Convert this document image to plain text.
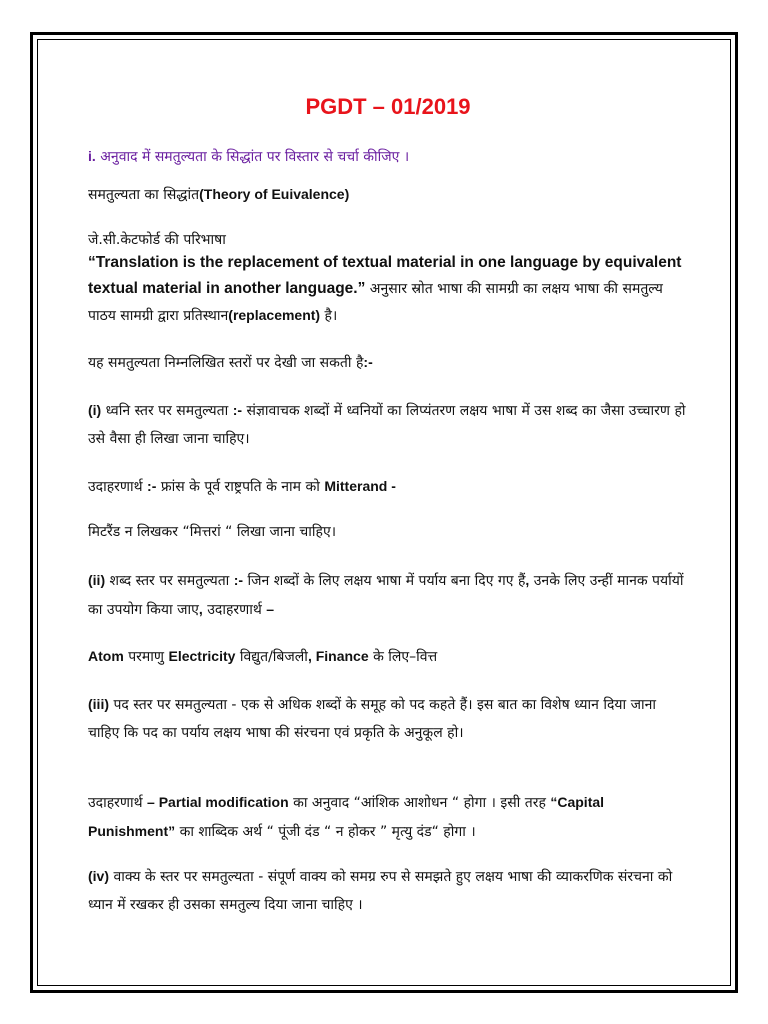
PGDT – 01/2019

i. अनुवाद में समतुल्यता के सिद्धांत पर विस्तार से चर्चा कीजिए ।

समतुल्यता का सिद्धांत(Theory of Euivalence)

जे.सी.केटफोर्ड की परिभाषा

“Translation is the replacement of textual material in one language by equivalent textual material in another language.” अनुसार स्रोत भाषा की सामग्री का लक्षय भाषा की समतुल्य पाठय सामग्री द्वारा प्रतिस्थान(replacement) है।

यह समतुल्यता निम्नलिखित स्तरों पर देखी जा सकती है:-

(i) ध्वनि स्तर पर समतुल्यता :- संज्ञावाचक शब्दों में ध्वनियों का लिप्यंतरण लक्षय भाषा में उस शब्द का जैसा उच्चारण हो उसे वैसा ही लिखा जाना चाहिए।

उदाहरणार्थ :- फ्रांस के पूर्व राष्ट्रपति के नाम को Mitterand -

मिटरैंड न लिखकर “मित्तरां “ लिखा जाना चाहिए।

(ii) शब्द स्तर पर समतुल्यता :- जिन शब्दों के लिए लक्षय भाषा में पर्याय बना दिए गए हैं, उनके लिए उन्हीं मानक पर्यायों का उपयोग किया जाए, उदाहरणार्थ –

Atom परमाणु Electricity विद्युत/बिजली, Finance के लिए–वित्त

(iii) पद स्तर पर समतुल्यता - एक से अधिक शब्दों के समूह को पद कहते हैं। इस बात का विशेष ध्यान दिया जाना चाहिए कि पद का पर्याय लक्षय भाषा की संरचना एवं प्रकृति के अनुकूल हो।

उदाहरणार्थ – Partial modification का अनुवाद “आंशिक आशोधन “ होगा । इसी तरह “Capital Punishment” का शाब्दिक अर्थ “ पूंजी दंड “ न होकर ” मृत्यु दंड“ होगा ।

(iv) वाक्य के स्तर पर समतुल्यता - संपूर्ण वाक्य को समग्र रुप से समझते हुए लक्षय भाषा की व्याकरणिक संरचना को ध्यान में रखकर ही उसका समतुल्य दिया जाना चाहिए ।
